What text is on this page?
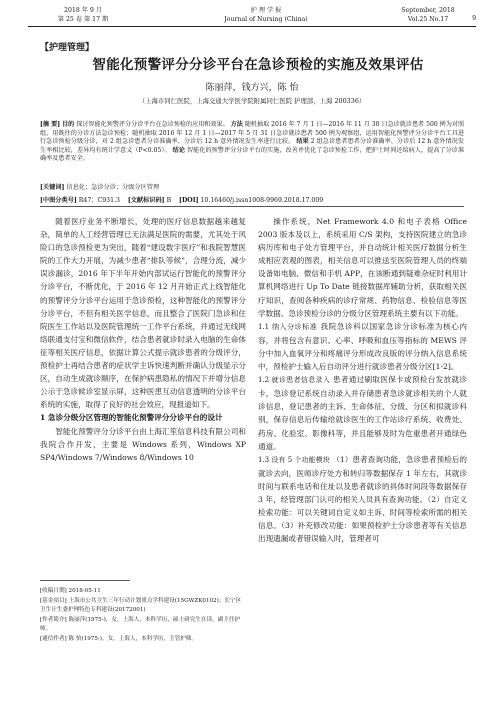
2018 年 9 月
第 25 卷 第 17 期
护 理 学 报
Journal of Nursing (China)
September, 2018
Vol.25 No.17	9
【护理管理】
智能化预警评分分诊平台在急诊预检的实施及效果评估
陈丽萍，钱方兴，陈 怡
（上海市同仁医院，上海交通大学医学院附属同仁医院 护理部，上海 200336）
[摘 要] 目的 探讨智能化预警评分分诊平台在急诊预检的应用和效果。 方法 随机抽取 2016 年 7 月 1 日—2016 年 11 月 30 日急诊就诊患者 500 例为对照组，用既往的分诊方法急诊预检；随机抽取 2016 年 12 月 1 日—2017 年 5 月 31 日急诊就诊患者 500 例为观察组，运用智能化预警评分分诊平台工具进行急诊预检分级分诊，对 2 组急诊患者分诊准确率、分诊后 12 h 意外情况发生率进行比较。 结果 2 组急诊患者患者分诊准确率、分诊后 12 h 意外情况发生率相比较，差异均有统计学意义（P<0.05）。 结论 智能化的预警评分分诊平台的实施，改善并优化了急诊预检工作，把护士时间还给病人，提高了分诊准确率及患者安全。
[关键词] 信息化；急诊分诊；分级分区管理
[中图分类号] R47；C931.3 [文献标识码] B [DOI] 10.16460/j.issn1008-9969.2018.17.009

随着医疗业务不断增长，处理的医疗信息数据越来越复杂，简单的人工经营管理已无法满足医院的需要，尤其处于风险口的急诊预检更为突出，随着“建设数字医疗”和我院智慧医院的工作大力开展，为减少患者“排队等候”，合理分流，减少误诊漏诊，2016 年下半年开始内部试运行智能化的预警评分分诊平台，不断优化，于 2016 年 12 月开始正式上线智能化的预警评分分诊平台运用于急诊预检，这种智能化的预警评分分诊平台，不但有相关医学信息，而且整合了医院门急诊和住院医生工作站以及医院管理统一工作平台系统，并通过无线网络联通支付宝和微信软件，结合患者就诊时录入电脑的生命体征等相关医疗信息，依据计算公式提示就诊患者的分级评分，预检护士再结合患者的症状学主诉快速判断并确认分级显示分区，自动生成就诊顺序，在保护病患隐私的情况下并增分信息公示于急诊候诊室显示屏，这种医患互动信息透明的分诊平台系统的实施，取得了良好的社会效应，现报道如下。

1 急诊分级分区管理的智能化预警评分分诊平台的设计

智能化预警评分分诊平台由上海汇笙信息科技有限公司和我院合作开发，主要是 Windows 系列，Windows XP SP4/Windows 7/Windows 8/Windows 10

操作系统，Net Framework 4.0 和电子表格 Office 2003 版本及以上，系统采用 C/S 架构，支持医院建立的急诊病历库和电子处方管理平台，并自动统计相关医疗数据分析生成相应表观的图表，相关信息可以推送至医院管理人员的终端设备如电脑、微信和手机 APP，在该断通到疑难杂症时利用计算机网络进行 Up To Date 链接数据库辅助分析，获取相关医疗知识，查阅各种疾病的诊疗常规、药物信息、检验信息等医学数据。急诊预检分诊的分级分区管理系统主要有以下功能。

1.1 纳入分诊标准 我院急诊科以国家急诊分诊标准为核心内容，并将包含有意识、心率、呼吸和血压等指标的 MEWS 评分中加入血氧评分和疼痛评分形成改良版的评分纳入信息系统中，预检护士输入后自动评分进行就诊患者分级分区[1-2]。

1.2 就诊患者信息录入 患者通过刷取医保卡或预检台发放就诊卡，急诊登记系统自动录入并存储患者急诊就诊相关的个人就诊信息，登记患者的主诉、生命体征、分级、分区和拟就诊科别，保存信息后传输给就诊医生的工作站诊疗系统、收费处、药房、化验室、影像科等，并且能够及时为危重患者开通绿色通道。

1.3 设有 5 个功能模块 （1）患者查询功能，急诊患者预检后的就诊去向，医师诊疗处方和转归等数据保存 1 年左右，其就诊时间与联系电话和住址以及患者就诊的具体时间段等数据保存 3 年，经管理部门认可的相关人员具有查询功能。（2）自定义检索功能：可以关键词自定义如主诉、时间等检索所需的相关信息。（3）补充修改功能：如果预检护士分诊患者等有关信息出现遗漏或者错误输入时，管理者可

[收稿日期] 2018-05-11
[基金项目] 上海市公共卫生三年行动计划重点学科建设(15GWZK0102)；长宁区卫生计生委护理特色专科建设(20172001)
[作者简介] 陈丽萍(1975-)，女，上海人，本科学历，硕士研究生在读，副主任护师。
[通信作者] 陈 怡(1975-)，女，上海人，本科学历，主管护师。
